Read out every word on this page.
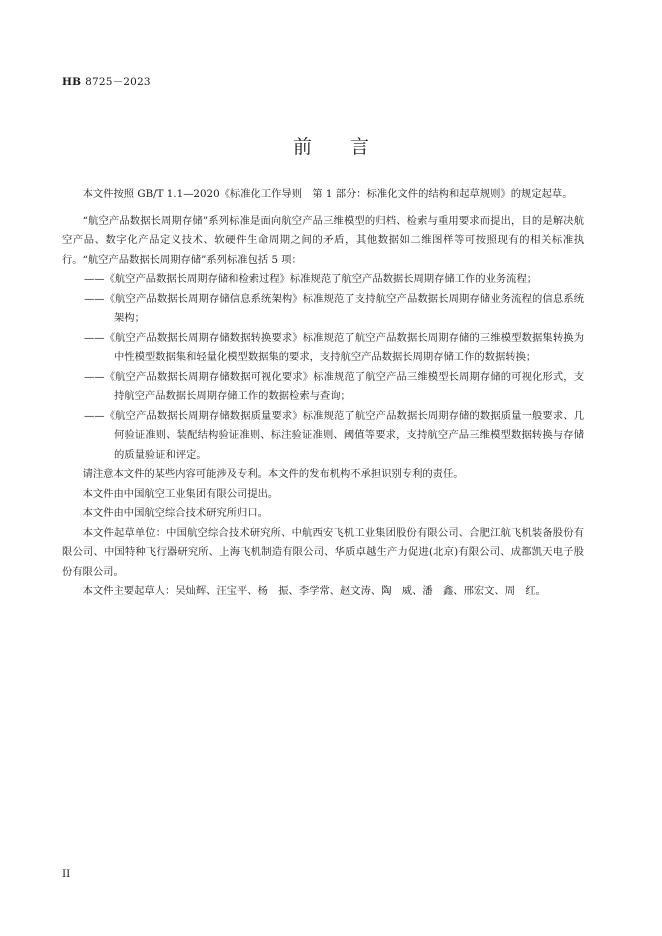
HB 8725－2023
前　　言

本文件按照 GB/T 1.1—2020《标准化工作导则　第 1 部分：标准化文件的结构和起草规则》的规定起草。

“航空产品数据长周期存储”系列标准是面向航空产品三维模型的归档、检索与重用要求而提出，目的是解决航空产品、数字化产品定义技术、软硬件生命周期之间的矛盾，其他数据如二维图样等可按照现有的相关标准执行。“航空产品数据长周期存储”系列标准包括 5 项：

——《航空产品数据长周期存储和检索过程》标准规范了航空产品数据长周期存储工作的业务流程；

——《航空产品数据长周期存储信息系统架构》标准规范了支持航空产品数据长周期存储业务流程的信息系统架构；

——《航空产品数据长周期存储数据转换要求》标准规范了航空产品数据长周期存储的三维模型数据集转换为中性模型数据集和轻量化模型数据集的要求，支持航空产品数据长周期存储工作的数据转换；

——《航空产品数据长周期存储数据可视化要求》标准规范了航空产品三维模型长周期存储的可视化形式，支持航空产品数据长周期存储工作的数据检索与查询；

——《航空产品数据长周期存储数据质量要求》标准规范了航空产品数据长周期存储的数据质量一般要求、几何验证准则、装配结构验证准则、标注验证准则、阈值等要求，支持航空产品三维模型数据转换与存储的质量验证和评定。

请注意本文件的某些内容可能涉及专利。本文件的发布机构不承担识别专利的责任。

本文件由中国航空工业集团有限公司提出。

本文件由中国航空综合技术研究所归口。

本文件起草单位：中国航空综合技术研究所、中航西安飞机工业集团股份有限公司、合肥江航飞机装备股份有限公司、中国特种飞行器研究所、上海飞机制造有限公司、华质卓越生产力促进(北京)有限公司、成都凯天电子股份有限公司。

本文件主要起草人：吴灿辉、汪宝平、杨　振、李学常、赵文涛、陶　威、潘　鑫、邢宏文、周　红。

II
